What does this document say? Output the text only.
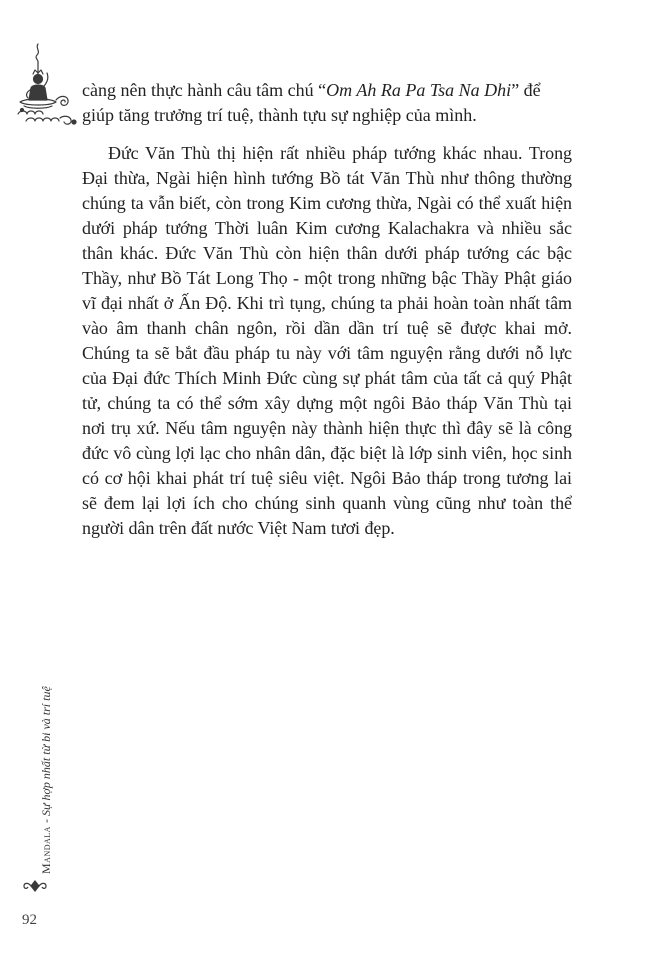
càng nên thực hành câu tâm chú “Om Ah Ra Pa Tsa Na Dhi” để
giúp tăng trưởng trí tuệ, thành tựu sự nghiệp của mình.

Đức Văn Thù thị hiện rất nhiều pháp tướng khác nhau. Trong Đại thừa, Ngài hiện hình tướng Bồ tát Văn Thù như thông thường chúng ta vẫn biết, còn trong Kim cương thừa, Ngài có thể xuất hiện dưới pháp tướng Thời luân Kim cương Kalachakra và nhiều sắc thân khác. Đức Văn Thù còn hiện thân dưới pháp tướng các bậc Thầy, như Bồ Tát Long Thọ - một trong những bậc Thầy Phật giáo vĩ đại nhất ở Ấn Độ. Khi trì tụng, chúng ta phải hoàn toàn nhất tâm vào âm thanh chân ngôn, rồi dần dần trí tuệ sẽ được khai mở. Chúng ta sẽ bắt đầu pháp tu này với tâm nguyện rằng dưới nỗ lực của Đại đức Thích Minh Đức cùng sự phát tâm của tất cả quý Phật tử, chúng ta có thể sớm xây dựng một ngôi Bảo tháp Văn Thù tại nơi trụ xứ. Nếu tâm nguyện này thành hiện thực thì đây sẽ là công đức vô cùng lợi lạc cho nhân dân, đặc biệt là lớp sinh viên, học sinh có cơ hội khai phát trí tuệ siêu việt. Ngôi Bảo tháp trong tương lai sẽ đem lại lợi ích cho chúng sinh quanh vùng cũng như toàn thể người dân trên đất nước Việt Nam tươi đẹp.

Mandala - Sự hợp nhất từ bi và trí tuệ
92
